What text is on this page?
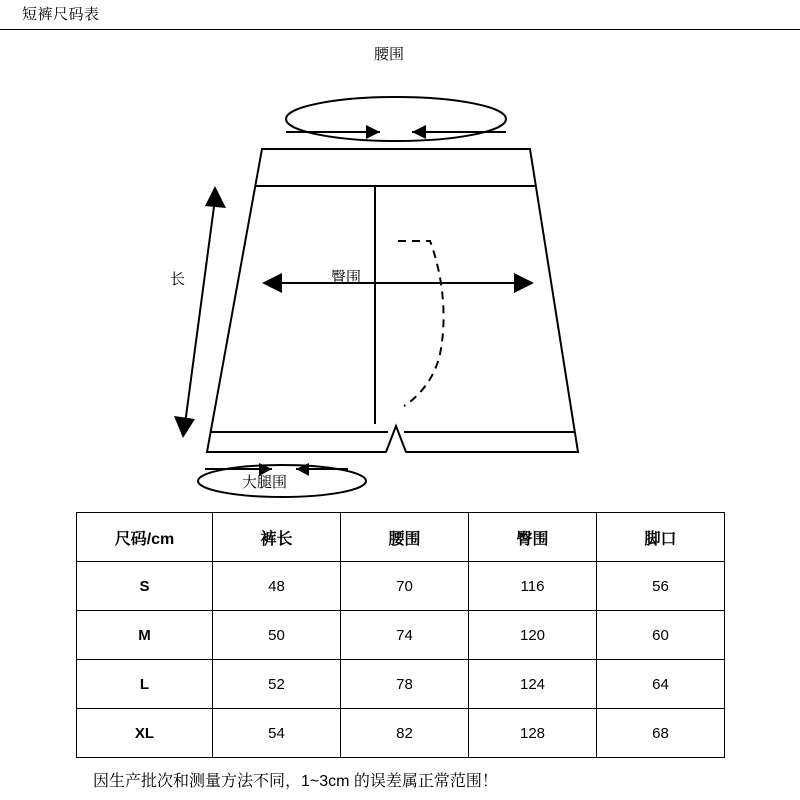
短裤尺码表
腰围
长	臀围
大腿围
尺码/cm	裤长	腰围	臀围	脚口
S	48	70	116	56
M	50	74	120	60
L	52	78	124	64
XL	54	82	128	68
因生产批次和测量方法不同，1~3cm 的误差属正常范围！
